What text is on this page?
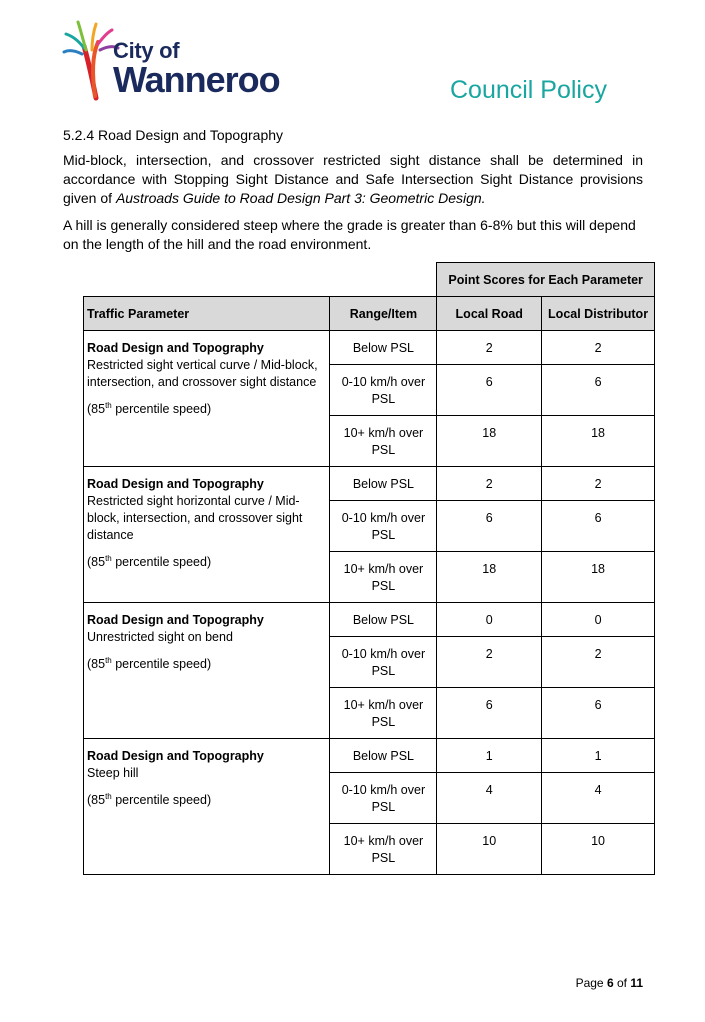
City of
Wanneroo	Council Policy

5.2.4 Road Design and Topography

Mid-block, intersection, and crossover restricted sight distance shall be determined in accordance with Stopping Sight Distance and Safe Intersection Sight Distance provisions given of Austroads Guide to Road Design Part 3: Geometric Design.

A hill is generally considered steep where the grade is greater than 6-8% but this will depend on the length of the hill and the road environment.

		Point Scores for Each Parameter	
Traffic Parameter	Range/Item	Local Road	Local Distributor

Road Design and Topography
Restricted sight vertical curve / Mid-block, intersection, and crossover sight distance
(85th percentile speed)	Below PSL	2	2
	0-10 km/h over PSL	6	6
	10+ km/h over PSL	18	18

Road Design and Topography
Restricted sight horizontal curve / Mid-block, intersection, and crossover sight distance
(85th percentile speed)	Below PSL	2	2
	0-10 km/h over PSL	6	6
	10+ km/h over PSL	18	18

Road Design and Topography
Unrestricted sight on bend
(85th percentile speed)	Below PSL	0	0
	0-10 km/h over PSL	2	2
	10+ km/h over PSL	6	6

Road Design and Topography
Steep hill
(85th percentile speed)	Below PSL	1	1
	0-10 km/h over PSL	4	4
	10+ km/h over PSL	10	10
Page 6 of 11
